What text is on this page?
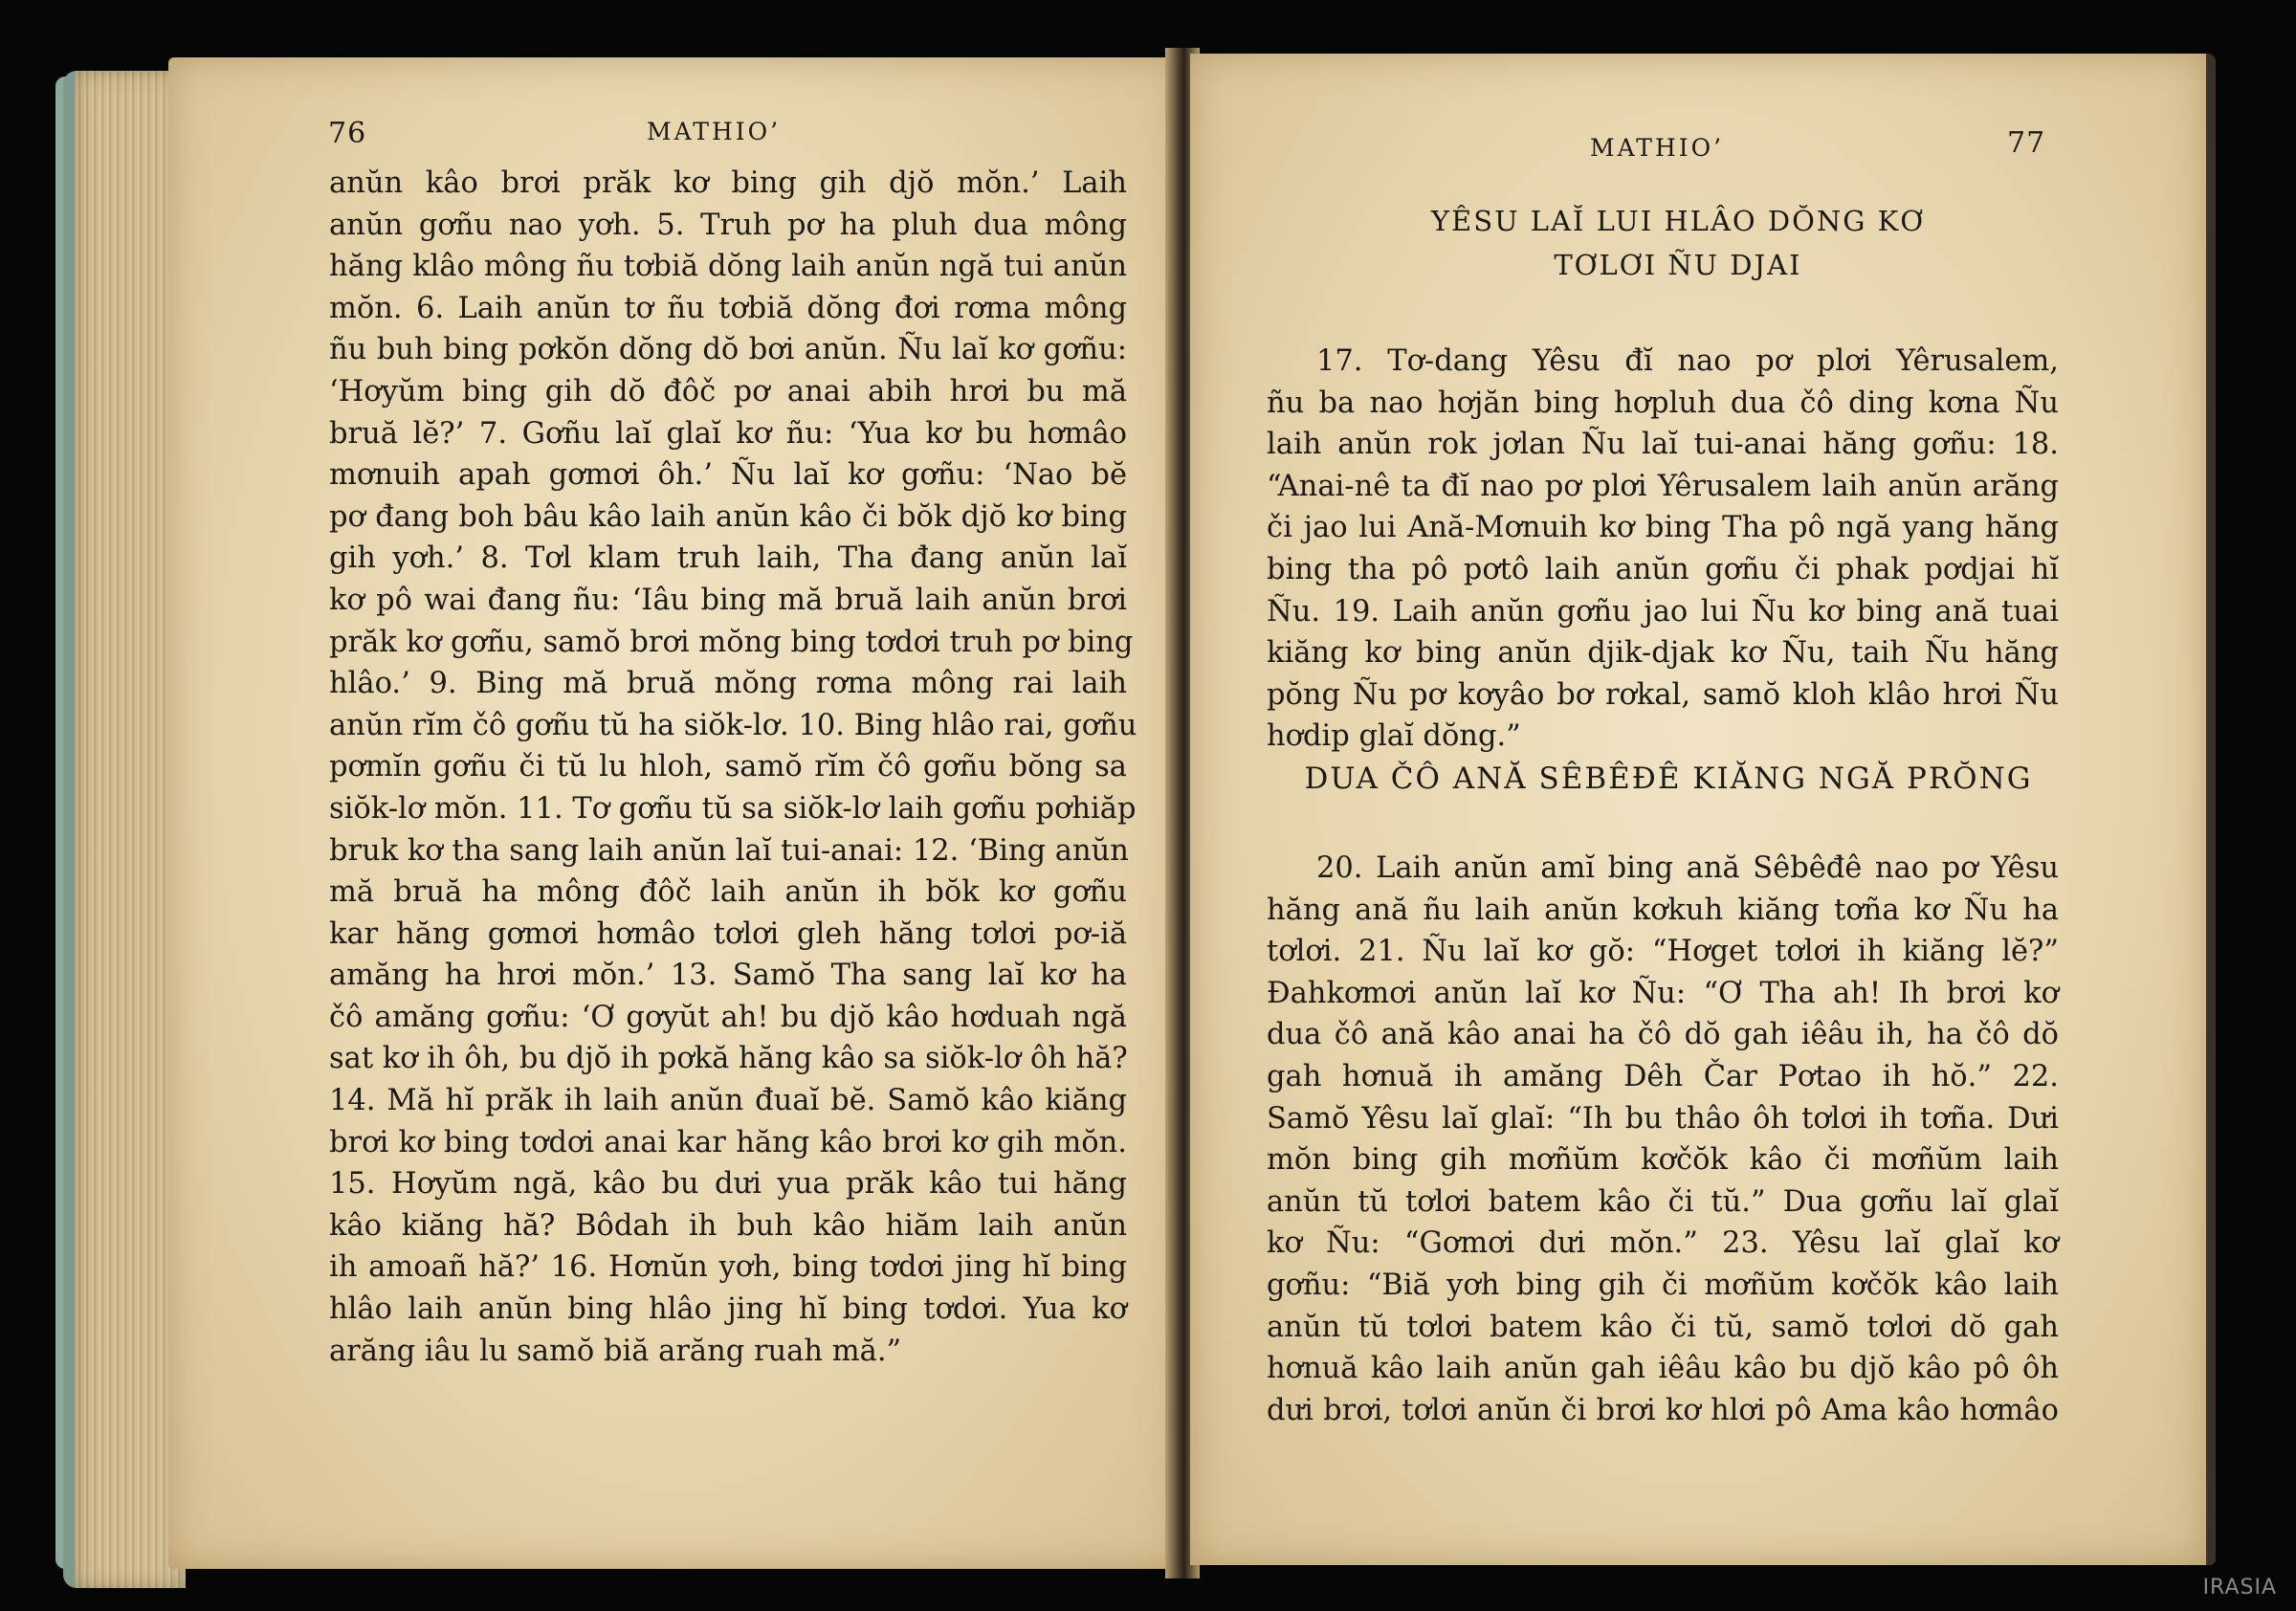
76	MATHIO’
anŭn kâo brơi prăk kơ bing gih djŏ mŏn.’ Laih
anŭn gơñu nao yơh. 5. Truh pơ ha pluh dua mông
hăng klâo mông ñu tơbiă dŏng laih anŭn ngă tui anŭn
mŏn. 6. Laih anŭn tơ ñu tơbiă dŏng đơi rơma mông
ñu buh bing pơkŏn dŏng dŏ bơi anŭn. Ñu laĭ kơ gơñu:
‘Hơyŭm bing gih dŏ đôč pơ anai abih hrơi bu mă
bruă lĕ?’ 7. Gơñu laĭ glaĭ kơ ñu: ‘Yua kơ bu hơmâo
mơnuih apah gơmơi ôh.’ Ñu laĭ kơ gơñu: ‘Nao bĕ
pơ đang boh bâu kâo laih anŭn kâo či bŏk djŏ kơ bing
gih yơh.’ 8. Tơl klam truh laih, Tha đang anŭn laĭ
kơ pô wai đang ñu: ‘Iâu bing mă bruă laih anŭn brơi
prăk kơ gơñu, samŏ brơi mŏng bing tơdơi truh pơ bing
hlâo.’ 9. Bing mă bruă mŏng rơma mông rai laih
anŭn rĭm čô gơñu tŭ ha siŏk-lơ. 10. Bing hlâo rai, gơñu
pơmĭn gơñu či tŭ lu hloh, samŏ rĭm čô gơñu bŏng sa
siŏk-lơ mŏn. 11. Tơ gơñu tŭ sa siŏk-lơ laih gơñu pơhiăp
bruk kơ tha sang laih anŭn laĭ tui-anai: 12. ‘Bing anŭn
mă bruă ha mông đôč laih anŭn ih bŏk kơ gơñu
kar hăng gơmơi hơmâo tơlơi gleh hăng tơlơi pơ-iă
amăng ha hrơi mŏn.’ 13. Samŏ Tha sang laĭ kơ ha
čô amăng gơñu: ‘Ơ gơyŭt ah! bu djŏ kâo hơduah ngă
sat kơ ih ôh, bu djŏ ih pơkă hăng kâo sa siŏk-lơ ôh hă?
14. Mă hĭ prăk ih laih anŭn đuaĭ bĕ. Samŏ kâo kiăng
brơi kơ bing tơdơi anai kar hăng kâo brơi kơ gih mŏn.
15. Hơyŭm ngă, kâo bu dưi yua prăk kâo tui hăng
kâo kiăng hă? Bôdah ih buh kâo hiăm laih anŭn
ih amoañ hă?’ 16. Hơnŭn yơh, bing tơdơi jing hĭ bing
hlâo laih anŭn bing hlâo jing hĭ bing tơdơi. Yua kơ
arăng iâu lu samŏ biă arăng ruah mă.”
MATHIO’	77
YÊSU LAĬ LUI HLÂO DŎNG KƠ
TƠLƠI ÑU DJAI
17. Tơ-dang Yêsu đĭ nao pơ plơi Yêrusalem,
ñu ba nao hơjăn bing hơpluh dua čô ding kơna Ñu
laih anŭn rok jơlan Ñu laĭ tui-anai hăng gơñu: 18.
“Anai-nê ta đĭ nao pơ plơi Yêrusalem laih anŭn arăng
či jao lui Ană-Mơnuih kơ bing Tha pô ngă yang hăng
bing tha pô pơtô laih anŭn gơñu či phak pơdjai hĭ
Ñu. 19. Laih anŭn gơñu jao lui Ñu kơ bing ană tuai
kiăng kơ bing anŭn djik-djak kơ Ñu, taih Ñu hăng
pŏng Ñu pơ kơyâo bơ rơkal, samŏ kloh klâo hrơi Ñu
hơdip glaĭ dŏng.”
DUA ČÔ ANĂ SÊBÊĐÊ KIĂNG NGĂ PRŎNG
20. Laih anŭn amĭ bing ană Sêbêđê nao pơ Yêsu
hăng ană ñu laih anŭn kơkuh kiăng tơña kơ Ñu ha
tơlơi. 21. Ñu laĭ kơ gŏ: “Hơget tơlơi ih kiăng lĕ?”
Đahkơmơi anŭn laĭ kơ Ñu: “Ơ Tha ah! Ih brơi kơ
dua čô ană kâo anai ha čô dŏ gah iêâu ih, ha čô dŏ
gah hơnuă ih amăng Dêh Čar Pơtao ih hŏ.” 22.
Samŏ Yêsu laĭ glaĭ: “Ih bu thâo ôh tơlơi ih tơña. Dưi
mŏn bing gih mơñŭm kơčŏk kâo či mơñŭm laih
anŭn tŭ tơlơi batem kâo či tŭ.” Dua gơñu laĭ glaĭ
kơ Ñu: “Gơmơi dưi mŏn.” 23. Yêsu laĭ glaĭ kơ
gơñu: “Biă yơh bing gih či mơñŭm kơčŏk kâo laih
anŭn tŭ tơlơi batem kâo či tŭ, samŏ tơlơi dŏ gah
hơnuă kâo laih anŭn gah iêâu kâo bu djŏ kâo pô ôh
dưi brơi, tơlơi anŭn či brơi kơ hlơi pô Ama kâo hơmâo
IRASIA
